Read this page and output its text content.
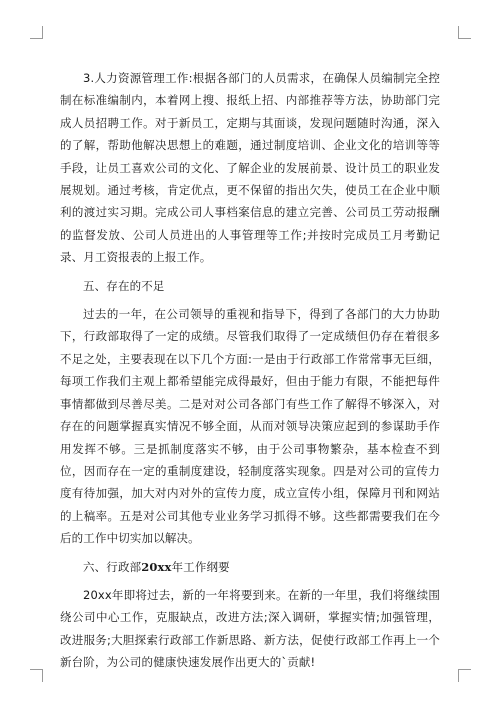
3.人力资源管理工作:根据各部门的人员需求，在确保人员编制完全控制在标准编制内，本着网上搜、报纸上招、内部推荐等方法，协助部门完成人员招聘工作。对于新员工，定期与其面谈，发现问题随时沟通，深入的了解，帮助他解决思想上的难题，通过制度培训、企业文化的培训等等手段，让员工喜欢公司的文化、了解企业的发展前景、设计员工的职业发展规划。通过考核，肯定优点，更不保留的指出欠失，使员工在企业中顺利的渡过实习期。完成公司人事档案信息的建立完善、公司员工劳动报酬的监督发放、公司人员进出的人事管理等工作;并按时完成员工月考勤记录、月工资报表的上报工作。

五、存在的不足

过去的一年，在公司领导的重视和指导下，得到了各部门的大力协助下，行政部取得了一定的成绩。尽管我们取得了一定成绩但仍存在着很多不足之处，主要表现在以下几个方面:一是由于行政部工作常常事无巨细，每项工作我们主观上都希望能完成得最好，但由于能力有限，不能把每件事情都做到尽善尽美。二是对对公司各部门有些工作了解得不够深入，对存在的问题掌握真实情况不够全面，从而对领导决策应起到的参谋助手作用发挥不够。三是抓制度落实不够，由于公司事物繁杂，基本检查不到位，因而存在一定的重制度建设，轻制度落实现象。四是对公司的宣传力度有待加强，加大对内对外的宣传力度，成立宣传小组，保障月刊和网站的上稿率。五是对公司其他专业业务学习抓得不够。这些都需要我们在今后的工作中切实加以解决。

六、行政部20xx年工作纲要

20xx年即将过去，新的一年将要到来。在新的一年里，我们将继续围绕公司中心工作，克服缺点，改进方法;深入调研，掌握实情;加强管理，改进服务;大胆探索行政部工作新思路、新方法，促使行政部工作再上一个新台阶，为公司的健康快速发展作出更大的`贡献!
